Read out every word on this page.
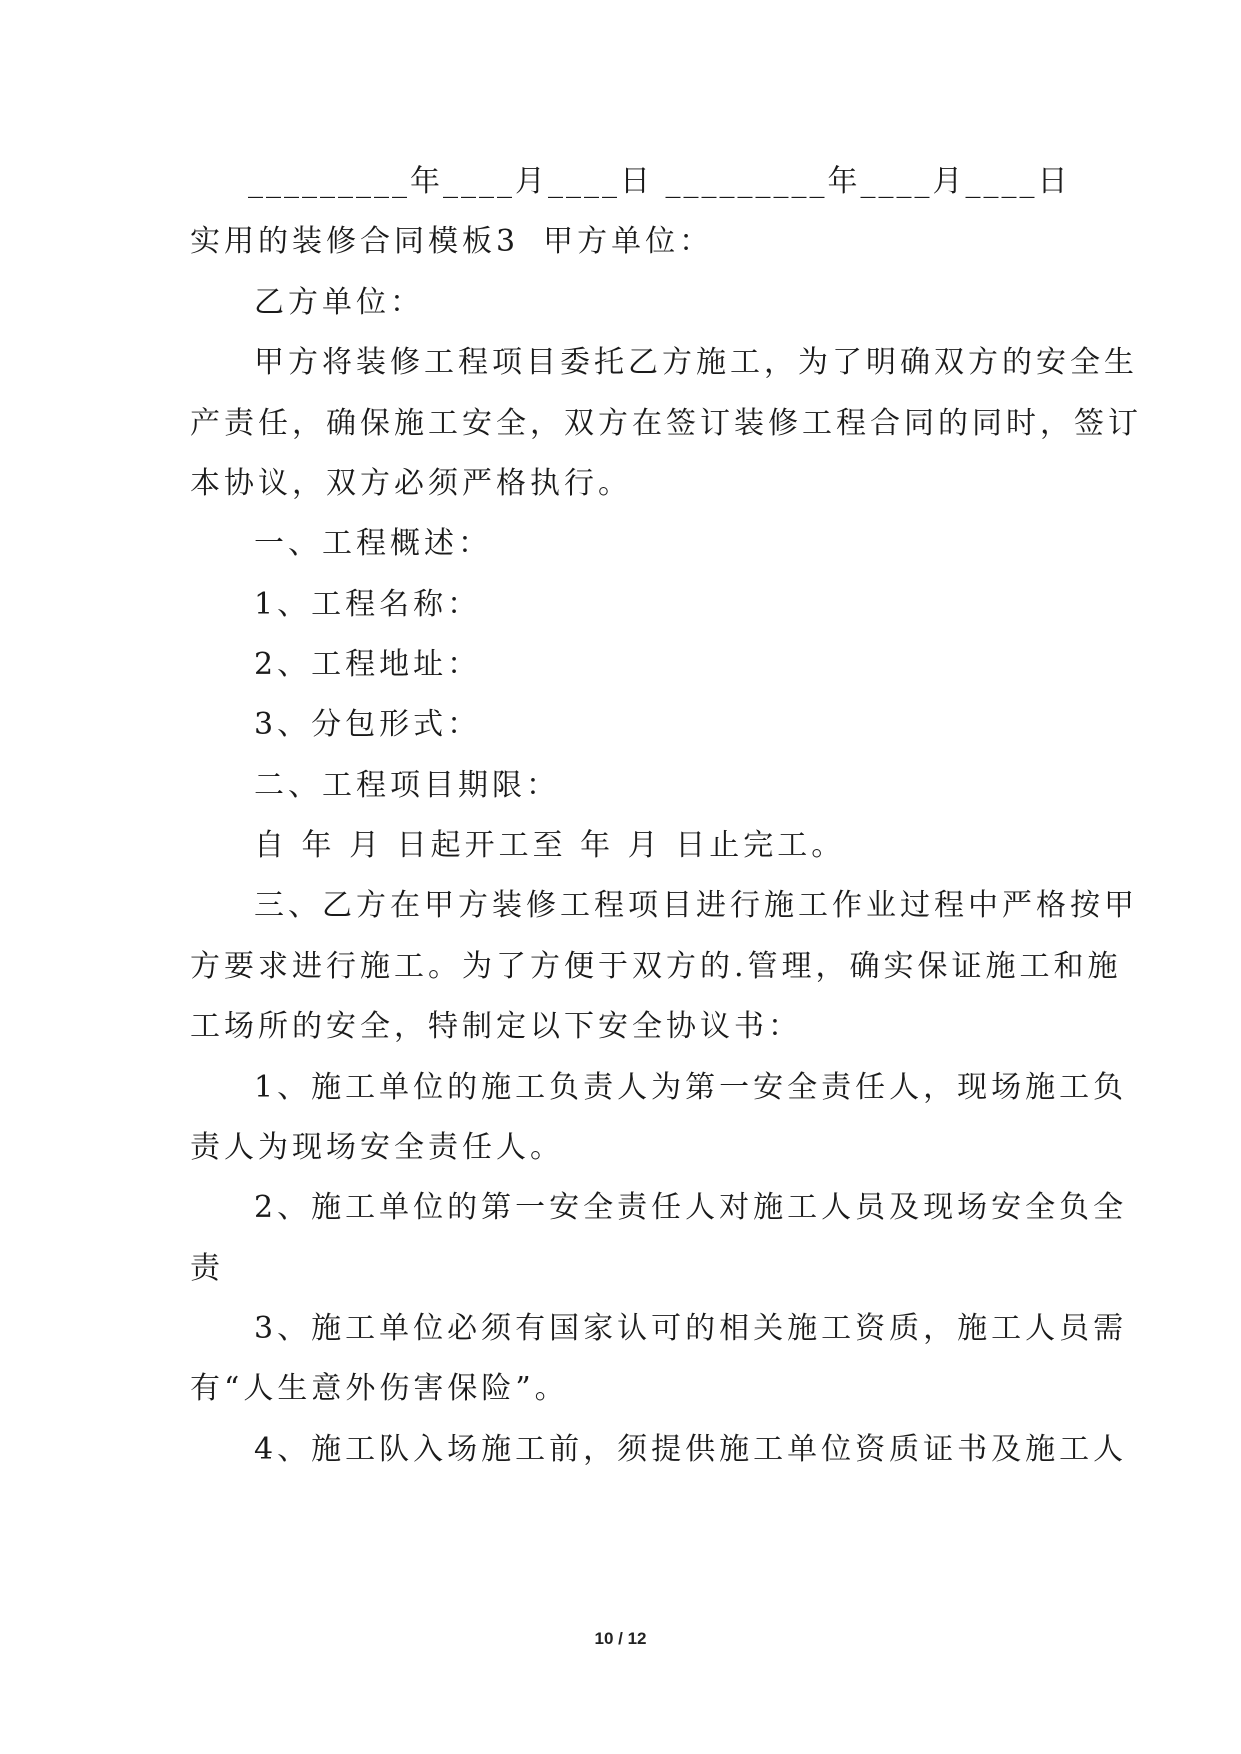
_________年____月____日 _________年____月____日
实用的装修合同模板3 甲方单位：
乙方单位：
甲方将装修工程项目委托乙方施工，为了明确双方的安全生
产责任，确保施工安全，双方在签订装修工程合同的同时，签订
本协议，双方必须严格执行。
一、工程概述：
1、工程名称：
2、工程地址：
3、分包形式：
二、工程项目期限：
自 年 月 日起开工至 年 月 日止完工。
三、乙方在甲方装修工程项目进行施工作业过程中严格按甲
方要求进行施工。为了方便于双方的.管理，确实保证施工和施
工场所的安全，特制定以下安全协议书：
1、施工单位的施工负责人为第一安全责任人，现场施工负
责人为现场安全责任人。
2、施工单位的第一安全责任人对施工人员及现场安全负全
责
3、施工单位必须有国家认可的相关施工资质，施工人员需
有“人生意外伤害保险”。
4、施工队入场施工前，须提供施工单位资质证书及施工人
10 / 12
